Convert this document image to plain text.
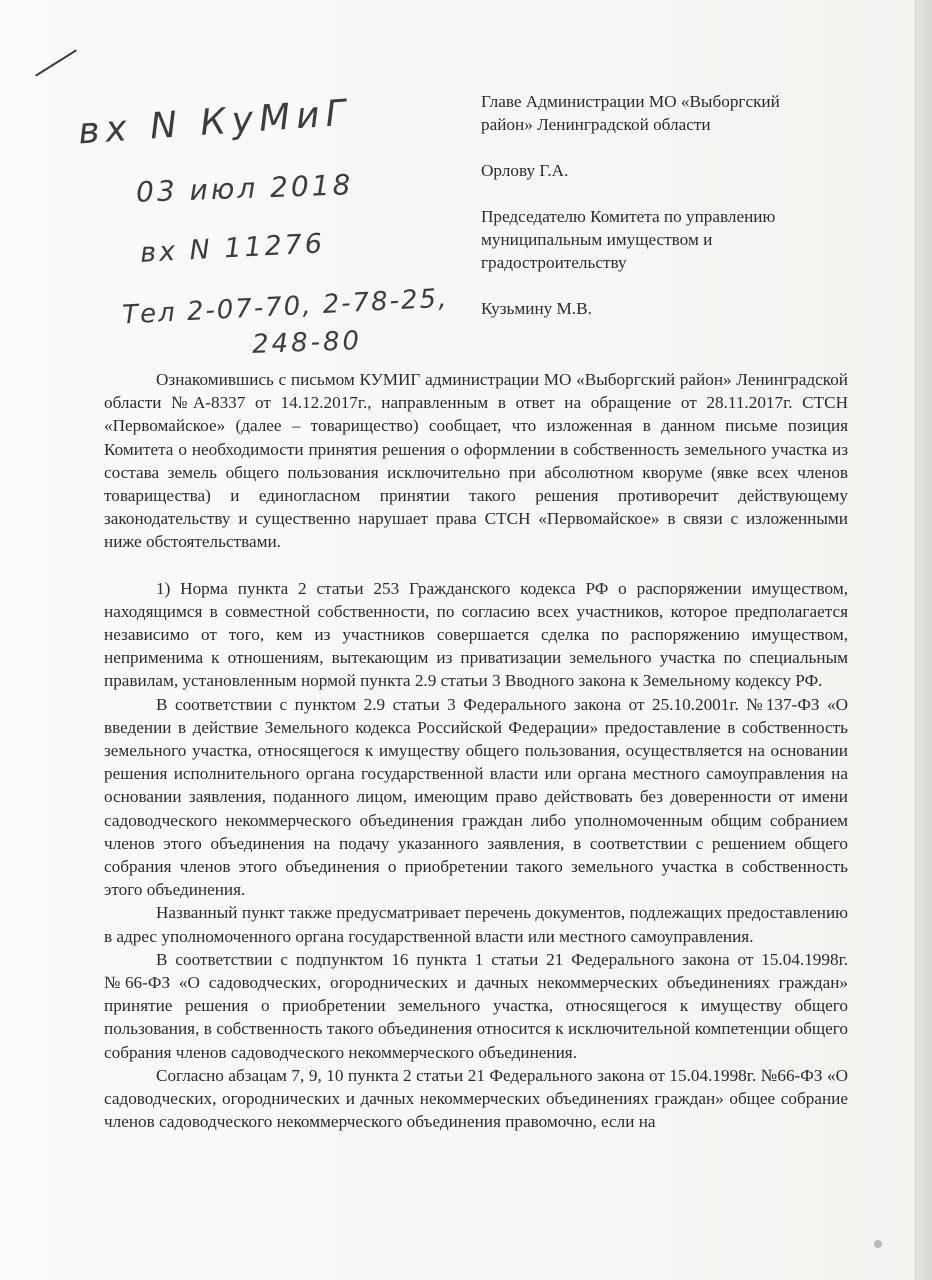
вх N КуМиГ
03 июл 2018
вх N 11276
Тел 2-07-70, 2-78-25,
248-80

Главе Администрации МО «Выборгский

район» Ленинградской области

Орлову Г.А.

Председателю Комитета по управлению

муниципальным имуществом и

градостроительству

Кузьмину М.В.

Ознакомившись с письмом КУМИГ администрации МО «Выборгский район» Ленинградской области №А-8337 от 14.12.2017г., направленным в ответ на обращение от 28.11.2017г. СТСН «Первомайское» (далее – товарищество) сообщает, что изложенная в данном письме позиция Комитета о необходимости принятия решения о оформлении в собственность земельного участка из состава земель общего пользования исключительно при абсолютном кворуме (явке всех членов товарищества) и единогласном принятии такого решения противоречит действующему законодательству и существенно нарушает права СТСН «Первомайское» в связи с изложенными ниже обстоятельствами.

1) Норма пункта 2 статьи 253 Гражданского кодекса РФ о распоряжении имуществом, находящимся в совместной собственности, по согласию всех участников, которое предполагается независимо от того, кем из участников совершается сделка по распоряжению имуществом, неприменима к отношениям, вытекающим из приватизации земельного участка по специальным правилам, установленным нормой пункта 2.9 статьи 3 Вводного закона к Земельному кодексу РФ.

В соответствии с пунктом 2.9 статьи 3 Федерального закона от 25.10.2001г. №137-ФЗ «О введении в действие Земельного кодекса Российской Федерации» предоставление в собственность земельного участка, относящегося к имуществу общего пользования, осуществляется на основании решения исполнительного органа государственной власти или органа местного самоуправления на основании заявления, поданного лицом, имеющим право действовать без доверенности от имени садоводческого некоммерческого объединения граждан либо уполномоченным общим собранием членов этого объединения на подачу указанного заявления, в соответствии с решением общего собрания членов этого объединения о приобретении такого земельного участка в собственность этого объединения.

Названный пункт также предусматривает перечень документов, подлежащих предоставлению в адрес уполномоченного органа государственной власти или местного самоуправления.

В соответствии с подпунктом 16 пункта 1 статьи 21 Федерального закона от 15.04.1998г. №66-ФЗ «О садоводческих, огороднических и дачных некоммерческих объединениях граждан» принятие решения о приобретении земельного участка, относящегося к имуществу общего пользования, в собственность такого объединения относится к исключительной компетенции общего собрания членов садоводческого некоммерческого объединения.

Согласно абзацам 7, 9, 10 пункта 2 статьи 21 Федерального закона от 15.04.1998г. №66-ФЗ «О садоводческих, огороднических и дачных некоммерческих объединениях граждан» общее собрание членов садоводческого некоммерческого объединения правомочно, если на
